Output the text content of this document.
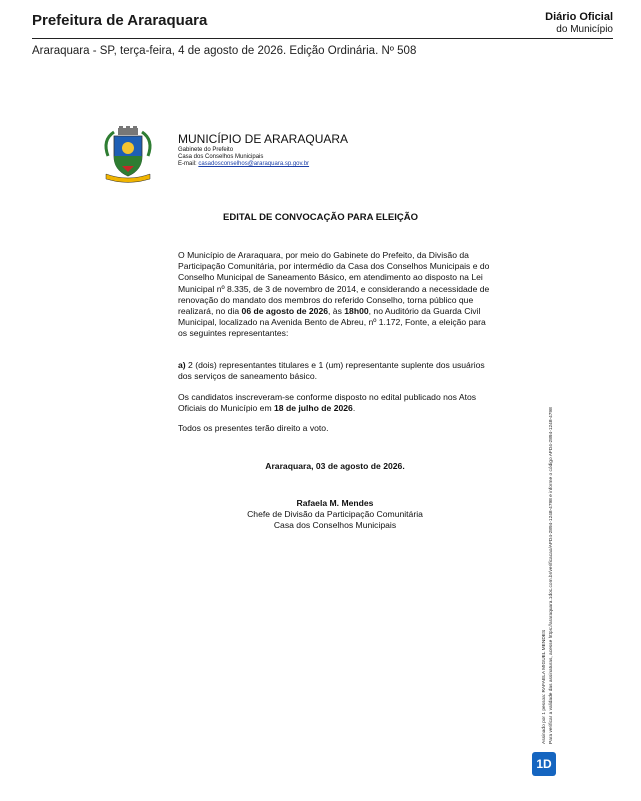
Prefeitura de Araraquara	Diário Oficial
do Município
Araraquara - SP, terça-feira, 4 de agosto de 2026. Edição Ordinária. Nº 508
MUNICÍPIO DE ARARAQUARA
Gabinete do Prefeito
Casa dos Conselhos Municipais
E-mail: casadosconselhos@araraquara.sp.gov.br
EDITAL DE CONVOCAÇÃO PARA ELEIÇÃO
O Município de Araraquara, por meio do Gabinete do Prefeito, da Divisão da Participação Comunitária, por intermédio da Casa dos Conselhos Municipais e do Conselho Municipal de Saneamento Básico, em atendimento ao disposto na Lei Municipal nº 8.335, de 3 de novembro de 2014, e considerando a necessidade de renovação do mandato dos membros do referido Conselho, torna público que realizará, no dia 06 de agosto de 2026, às 18h00, no Auditório da Guarda Civil Municipal, localizado na Avenida Bento de Abreu, nº 1.172, Fonte, a eleição para os seguintes representantes:
a) 2 (dois) representantes titulares e 1 (um) representante suplente dos usuários dos serviços de saneamento básico.
Os candidatos inscreveram-se conforme disposto no edital publicado nos Atos Oficiais do Município em 18 de julho de 2026.
Todos os presentes terão direito a voto.
Araraquara, 03 de agosto de 2026.
Rafaela M. Mendes
Chefe de Divisão da Participação Comunitária
Casa dos Conselhos Municipais
Assinado por 1 pessoa: RAFAELA MIGUEL MENDES Para verificar a validade das assinaturas, acesse https://araraquara.1doc.com.br/verificacao/AFD4-2894-1248-4798 e informe o código AFD4-2894-1248-4798
1D
